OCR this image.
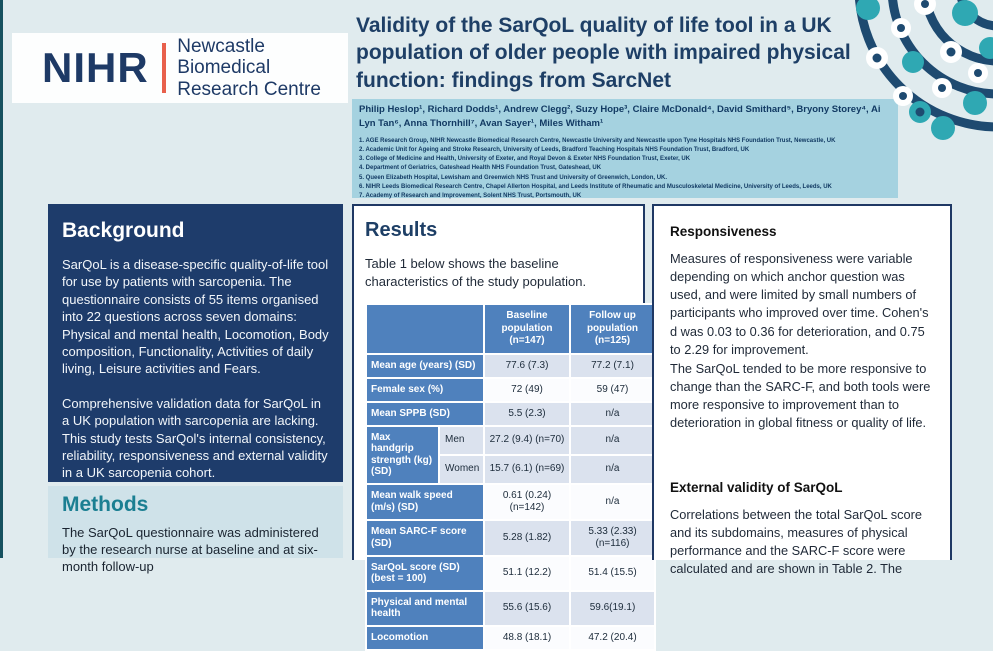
NIHR Newcastle Biomedical
Research Centre
Validity of the SarQoL quality of life tool in a UK
population of older people with impaired physical
function: findings from SarcNet
Philip Heslop¹, Richard Dodds¹, Andrew Clegg², Suzy Hope³, Claire McDonald⁴, David Smithard⁵, Bryony Storey⁴, Ai Lyn Tan⁶, Anna Thornhill⁷, Avan Sayer¹, Miles Witham¹
1. AGE Research Group, NIHR Newcastle Biomedical Research Centre, Newcastle University and Newcastle upon Tyne Hospitals NHS Foundation Trust, Newcastle, UK
2. Academic Unit for Ageing and Stroke Research, University of Leeds, Bradford Teaching Hospitals NHS Foundation Trust, Bradford, UK
3. College of Medicine and Health, University of Exeter, and Royal Devon & Exeter NHS Foundation Trust, Exeter, UK
4. Department of Geriatrics, Gateshead Health NHS Foundation Trust, Gateshead, UK
5. Queen Elizabeth Hospital, Lewisham and Greenwich NHS Trust and University of Greenwich, London, UK.
6. NIHR Leeds Biomedical Research Centre, Chapel Allerton Hospital, and Leeds Institute of Rheumatic and Musculoskeletal Medicine, University of Leeds, Leeds, UK
7. Academy of Research and Improvement, Solent NHS Trust, Portsmouth, UK
Background

SarQoL is a disease-specific quality-of-life tool for use by patients with sarcopenia. The questionnaire consists of 55 items organised into 22 questions across seven domains: Physical and mental health, Locomotion, Body composition, Functionality, Activities of daily living, Leisure activities and Fears.

Comprehensive validation data for SarQoL in a UK population with sarcopenia are lacking. This study tests SarQol's internal consistency, reliability, responsiveness and external validity in a UK sarcopenia cohort.

Methods

The SarQoL questionnaire was administered by the research nurse at baseline and at six-month follow-up

Results

Table 1 below shows the baseline characteristics of the study population.

		Baseline population (n=147)	Follow up population (n=125)
Mean age (years) (SD)		77.6 (7.3)	77.2 (7.1)
Female sex (%)		72 (49)	59 (47)
Mean SPPB (SD)		5.5 (2.3)	n/a
Max handgrip strength (kg) (SD)	Men	27.2 (9.4) (n=70)	n/a
	Women	15.7 (6.1) (n=69)	n/a
Mean walk speed (m/s) (SD)		0.61 (0.24) (n=142)	n/a
Mean SARC-F score (SD)		5.28 (1.82)	5.33 (2.33) (n=116)
SarQoL score (SD) (best = 100)		51.1 (12.2)	51.4 (15.5)
Physical and mental health		55.6 (15.6)	59.6(19.1)
Locomotion		48.8 (18.1)	47.2 (20.4)
Responsiveness

Measures of responsiveness were variable depending on which anchor question was used, and were limited by small numbers of participants who improved over time. Cohen's d was 0.03 to 0.36 for deterioration, and 0.75 to 2.29 for improvement.

The SarQoL tended to be more responsive to change than the SARC-F, and both tools were more responsive to improvement than to deterioration in global fitness or quality of life.

External validity of SarQoL

Correlations between the total SarQoL score and its subdomains, measures of physical performance and the SARC-F score were calculated and are shown in Table 2. The
